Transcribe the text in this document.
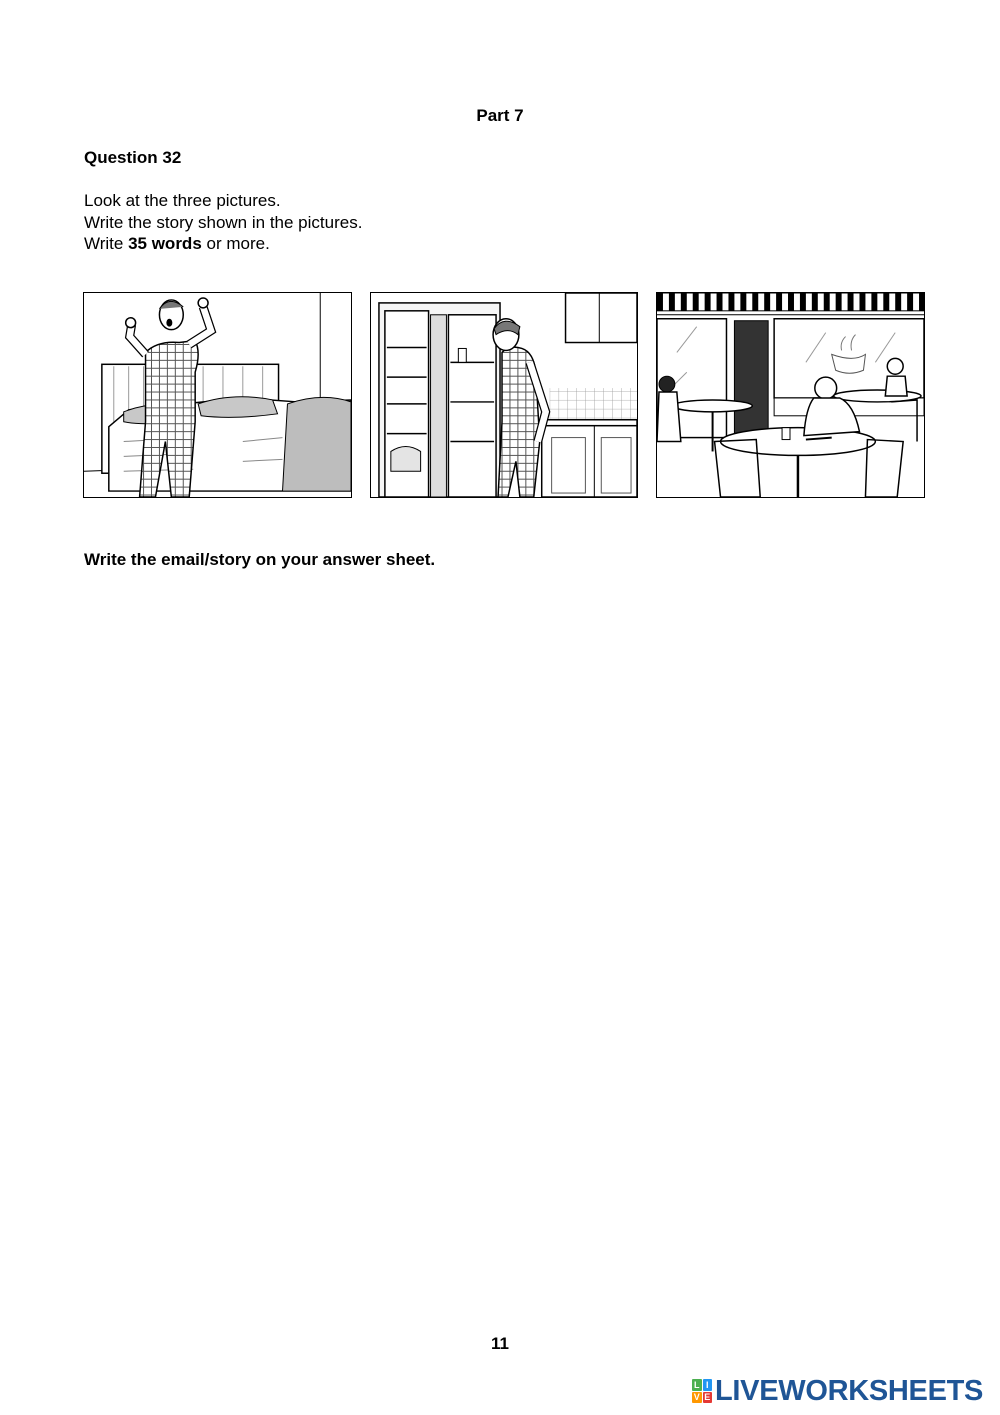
Part 7
Question 32
Look at the three pictures.
Write the story shown in the pictures.
Write 35 words or more.
Write the email/story on your answer sheet.
11
L I
V E LIVEWORKSHEETS
